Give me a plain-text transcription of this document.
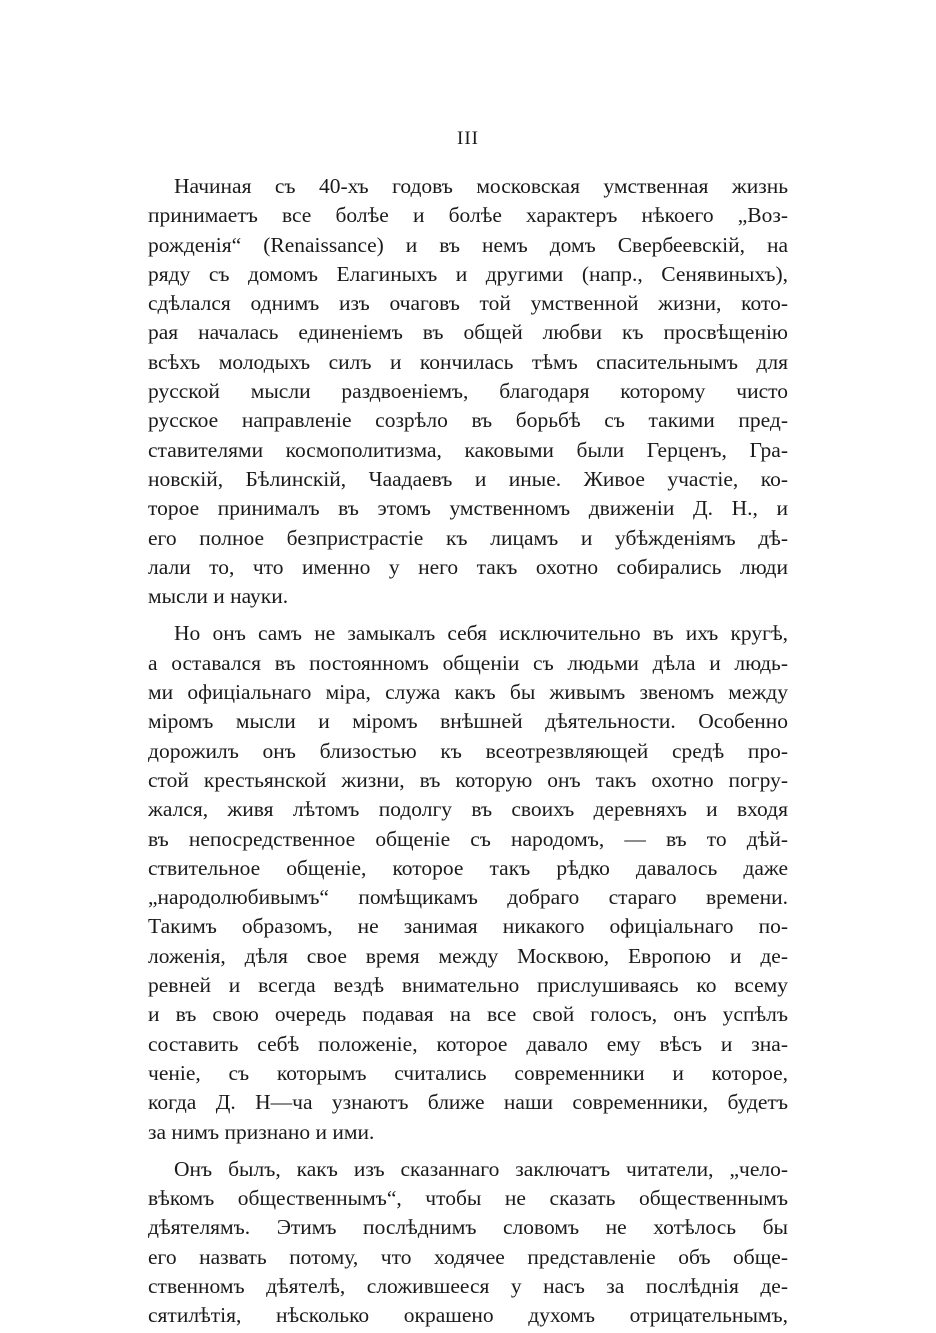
III
Начиная съ 40-хъ годовъ московская умственная жизнь
принимаетъ все болѣе и болѣе характеръ нѣкоего „Воз-
рожденія“ (Renaissance) и въ немъ домъ Свербеевскій, на
ряду съ домомъ Елагиныхъ и другими (напр., Сенявиныхъ),
сдѣлался однимъ изъ очаговъ той умственной жизни, кото-
рая началась единеніемъ въ общей любви къ просвѣщенію
всѣхъ молодыхъ силъ и кончилась тѣмъ спасительнымъ для
русской мысли раздвоеніемъ, благодаря которому чисто
русское направленіе созрѣло въ борьбѣ съ такими пред-
ставителями космополитизма, каковыми были Герценъ, Гра-
новскій, Бѣлинскій, Чаадаевъ и иные. Живое участіе, ко-
торое принималъ въ этомъ умственномъ движеніи Д. Н., и
его полное безпристрастіе къ лицамъ и убѣжденіямъ дѣ-
лали то, что именно у него такъ охотно собирались люди
мысли и науки.
Но онъ самъ не замыкалъ себя исключительно въ ихъ кругѣ,
а оставался въ постоянномъ общеніи съ людьми дѣла и людь-
ми офиціальнаго міра, служа какъ бы живымъ звеномъ между
міромъ мысли и міромъ внѣшней дѣятельности. Особенно
дорожилъ онъ близостью къ всеотрезвляющей средѣ про-
стой крестьянской жизни, въ которую онъ такъ охотно погру-
жался, живя лѣтомъ подолгу въ своихъ деревняхъ и входя
въ непосредственное общеніе съ народомъ, — въ то дѣй-
ствительное общеніе, которое такъ рѣдко давалось даже
„народолюбивымъ“ помѣщикамъ добраго стараго времени.
Такимъ образомъ, не занимая никакого офиціальнаго по-
ложенія, дѣля свое время между Москвою, Европою и де-
ревней и всегда вездѣ внимательно прислушиваясь ко всему
и въ свою очередь подавая на все свой голосъ, онъ успѣлъ
составить себѣ положеніе, которое давало ему вѣсъ и зна-
ченіе, съ которымъ считались современники и которое,
когда Д. Н—ча узнаютъ ближе наши современники, будетъ
за нимъ признано и ими.
Онъ былъ, какъ изъ сказаннаго заключатъ читатели, „чело-
вѣкомъ общественнымъ“, чтобы не сказать общественнымъ
дѣятелямъ. Этимъ послѣднимъ словомъ не хотѣлось бы
его назвать потому, что ходячее представленіе объ обще-
ственномъ дѣятелѣ, сложившееся у насъ за послѣднія де-
сятилѣтія, нѣсколько окрашено духомъ отрицательнымъ,
